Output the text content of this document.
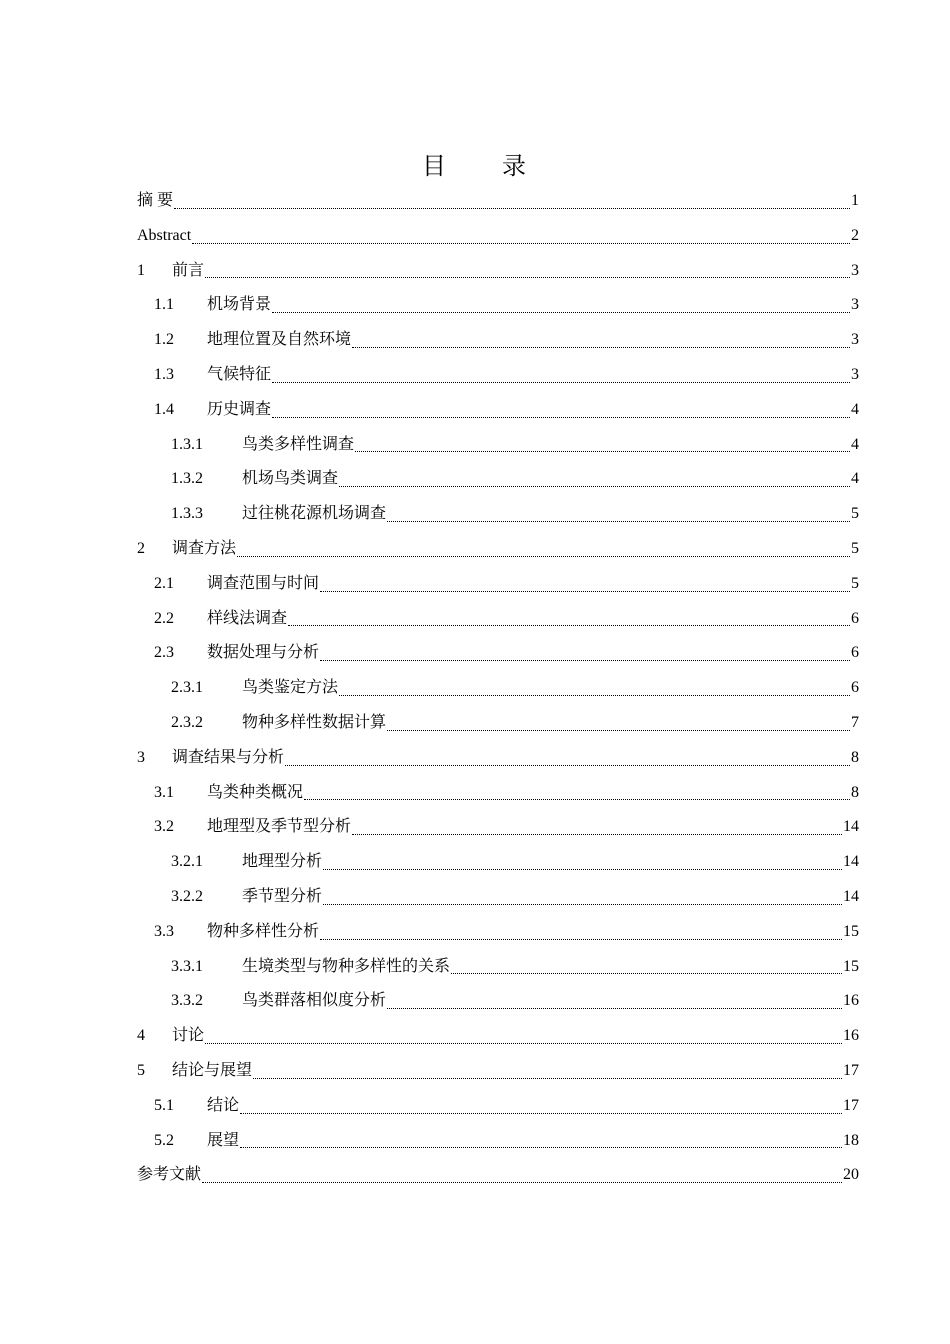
目 录
摘 要	1
Abstract	2
1	前言	3
1.1	机场背景	3
1.2	地理位置及自然环境	3
1.3	气候特征	3
1.4	历史调查	4
1.3.1	鸟类多样性调查	4
1.3.2	机场鸟类调查	4
1.3.3	过往桃花源机场调查	5
2	调查方法	5
2.1	调查范围与时间	5
2.2	样线法调查	6
2.3	数据处理与分析	6
2.3.1	鸟类鉴定方法	6
2.3.2	物种多样性数据计算	7
3	调查结果与分析	8
3.1	鸟类种类概况	8
3.2	地理型及季节型分析	14
3.2.1	地理型分析	14
3.2.2	季节型分析	14
3.3	物种多样性分析	15
3.3.1	生境类型与物种多样性的关系	15
3.3.2	鸟类群落相似度分析	16
4	讨论	16
5	结论与展望	17
5.1	结论	17
5.2	展望	18
参考文献	20
